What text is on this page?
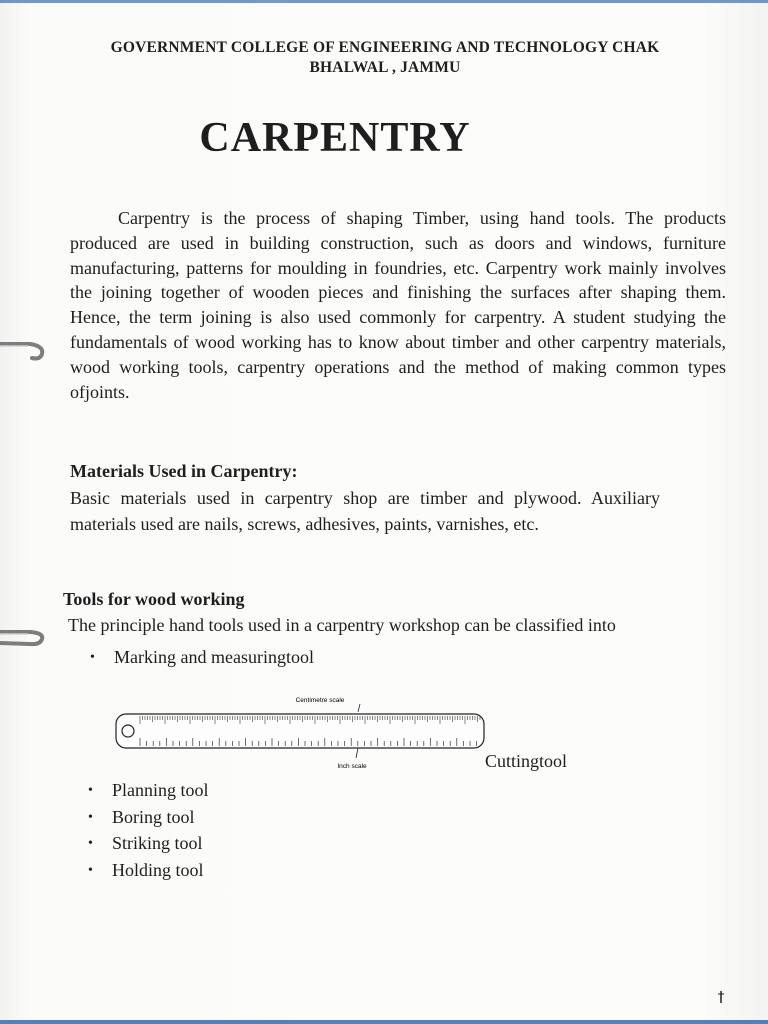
GOVERNMENT COLLEGE OF ENGINEERING AND TECHNOLOGY CHAK
BHALWAL , JAMMU
CARPENTRY
Carpentry is the process of shaping Timber, using hand tools. The products produced are used in building construction, such as doors and windows, furniture manufacturing, patterns for moulding in foundries, etc. Carpentry work mainly involves the joining together of wooden pieces and finishing the surfaces after shaping them. Hence, the term joining is also used commonly for carpentry. A student studying the fundamentals of wood working has to know about timber and other carpentry materials, wood working tools, carpentry operations and the method of making common types ofjoints.
Materials Used in Carpentry:
Basic materials used in carpentry shop are timber and plywood. Auxiliary materials used are nails, screws, adhesives, paints, varnishes, etc.
Tools for wood working
The principle hand tools used in a carpentry workshop can be classified into
•	Marking and measuringtool
Centimetre scale
Inch scale	Cuttingtool
•	Planning tool
•	Boring tool
•	Striking tool
•	Holding tool
